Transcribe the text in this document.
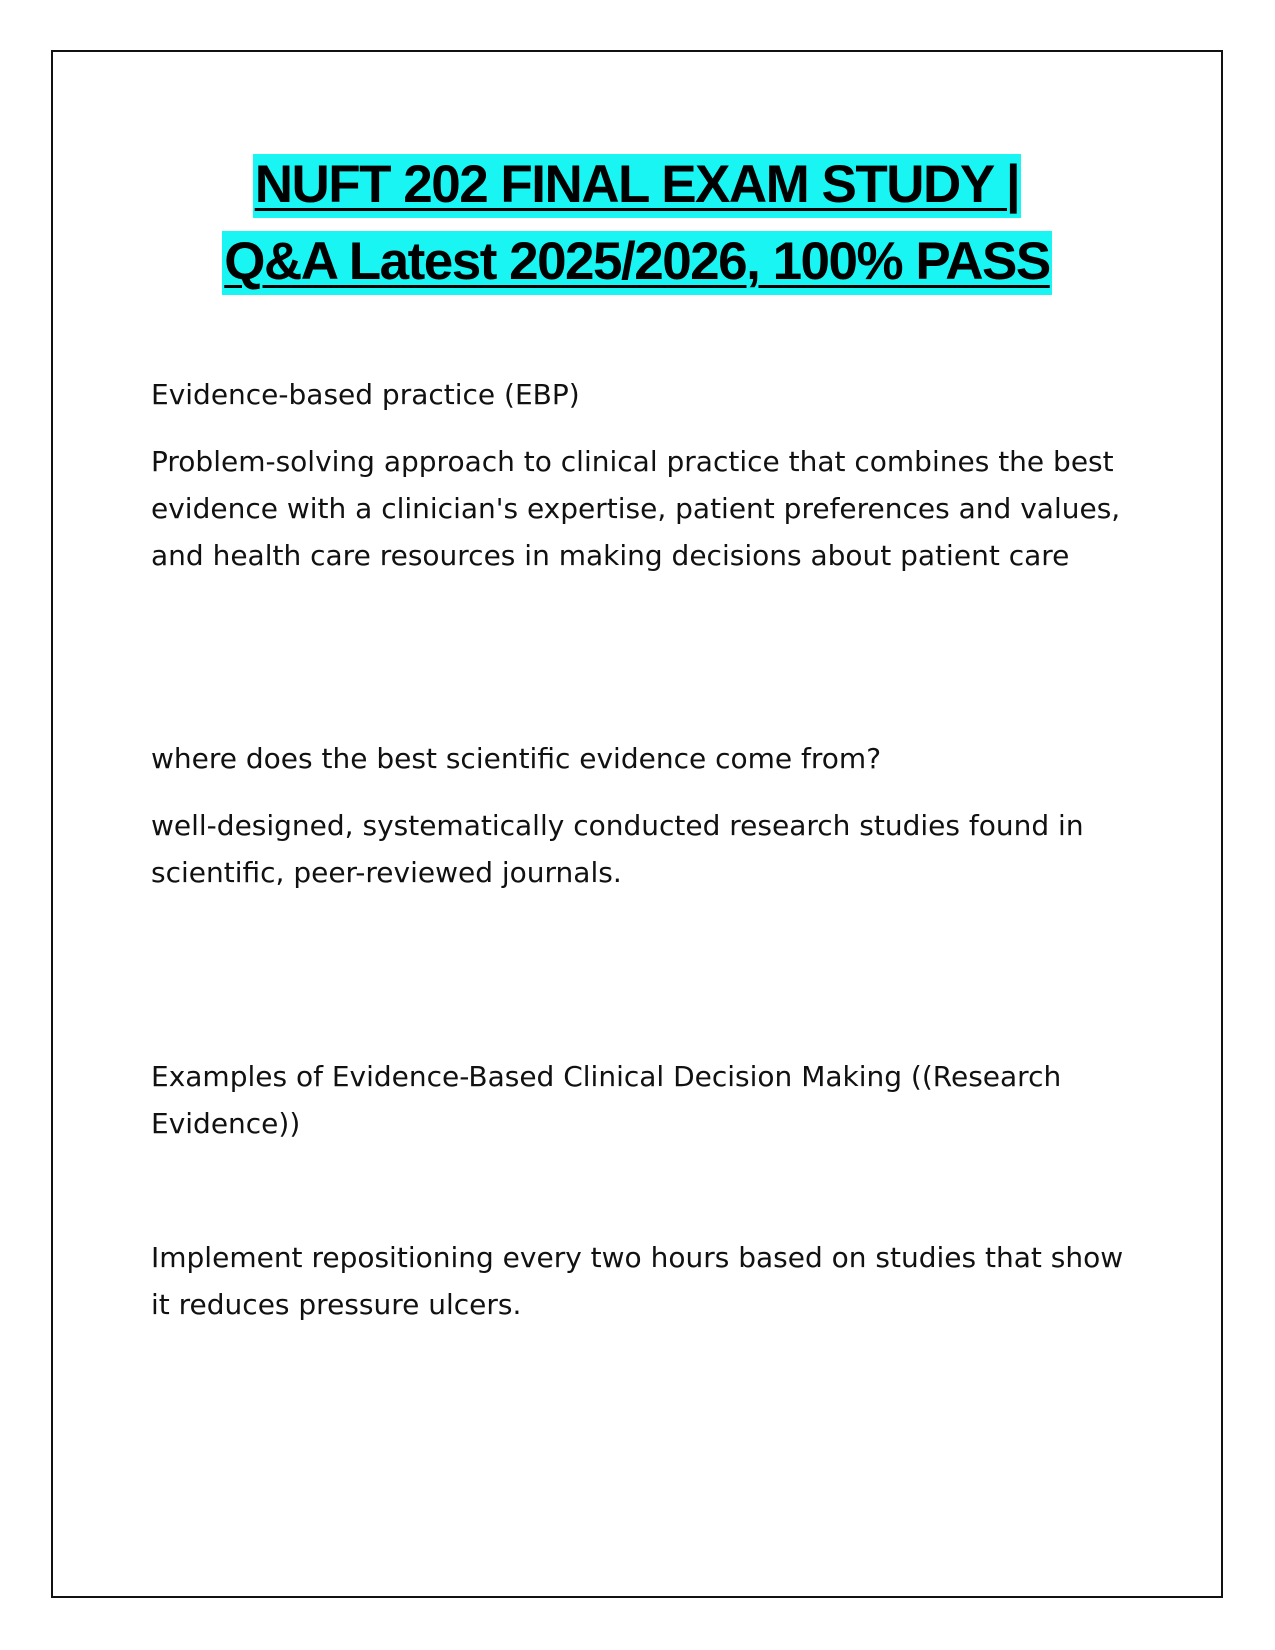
NUFT 202 FINAL EXAM STUDY |
Q&A Latest 2025/2026, 100% PASS

Evidence-based practice (EBP)

Problem-solving approach to clinical practice that combines the best evidence with a clinician's expertise, patient preferences and values, and health care resources in making decisions about patient care

where does the best scientific evidence come from?

well-designed, systematically conducted research studies found in scientific, peer-reviewed journals.

Examples of Evidence-Based Clinical Decision Making ((Research Evidence))

Implement repositioning every two hours based on studies that show it reduces pressure ulcers.
